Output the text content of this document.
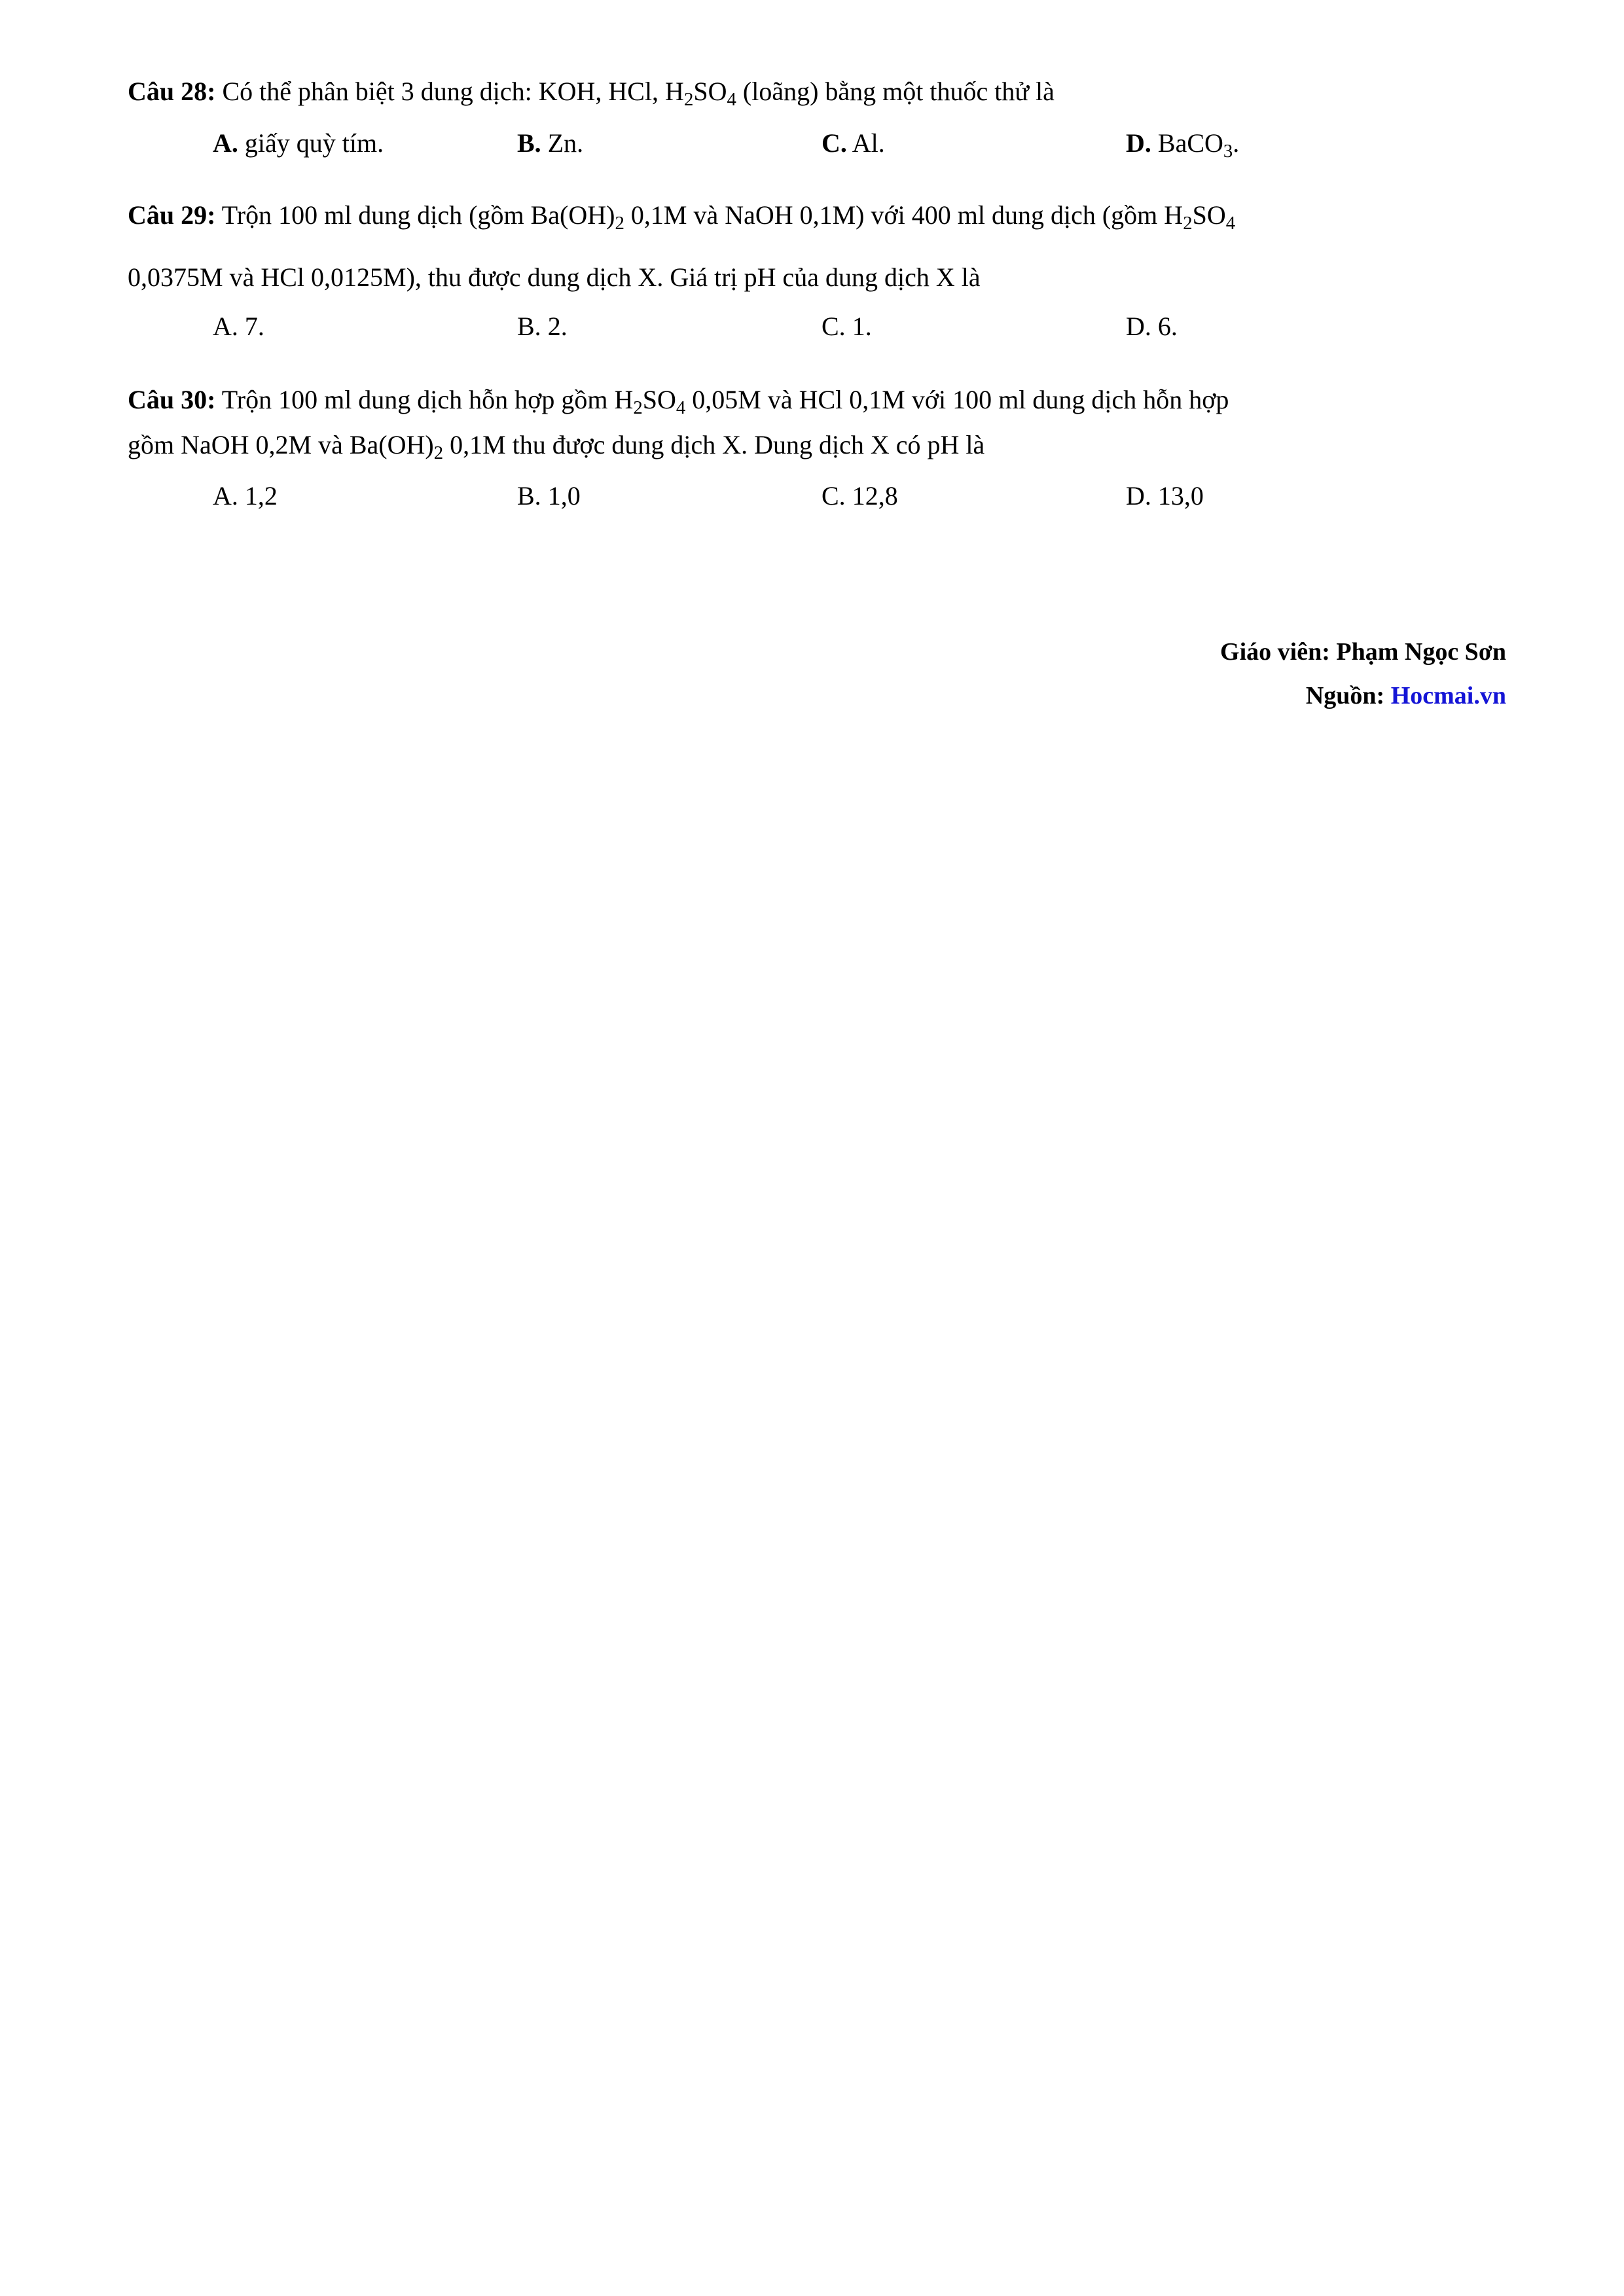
Câu 28: Có thể phân biệt 3 dung dịch: KOH, HCl, $H_2SO_4$ (loãng) bằng một thuốc thử là
A. giấy quỳ tím.	B. Zn.	C. Al.	D. BaCO$_3$.
Câu 29: Trộn 100 ml dung dịch (gồm $Ba(OH)_2$ 0,1M và NaOH 0,1M) với 400 ml dung dịch (gồm $H_2SO_4$
0,0375M và HCl 0,0125M), thu được dung dịch X. Giá trị pH của dung dịch X là
A. 7.	B. 2.	C. 1.	D. 6.
Câu 30: Trộn 100 ml dung dịch hỗn hợp gồm $H_2SO_4$ 0,05M và HCl 0,1M với 100 ml dung dịch hỗn hợp
gồm NaOH 0,2M và $Ba(OH)_2$ 0,1M thu được dung dịch X. Dung dịch X có pH là
A. 1,2	B. 1,0	C. 12,8	D. 13,0
Giáo viên: Phạm Ngọc Sơn
Nguồn: Hocmai.vn
